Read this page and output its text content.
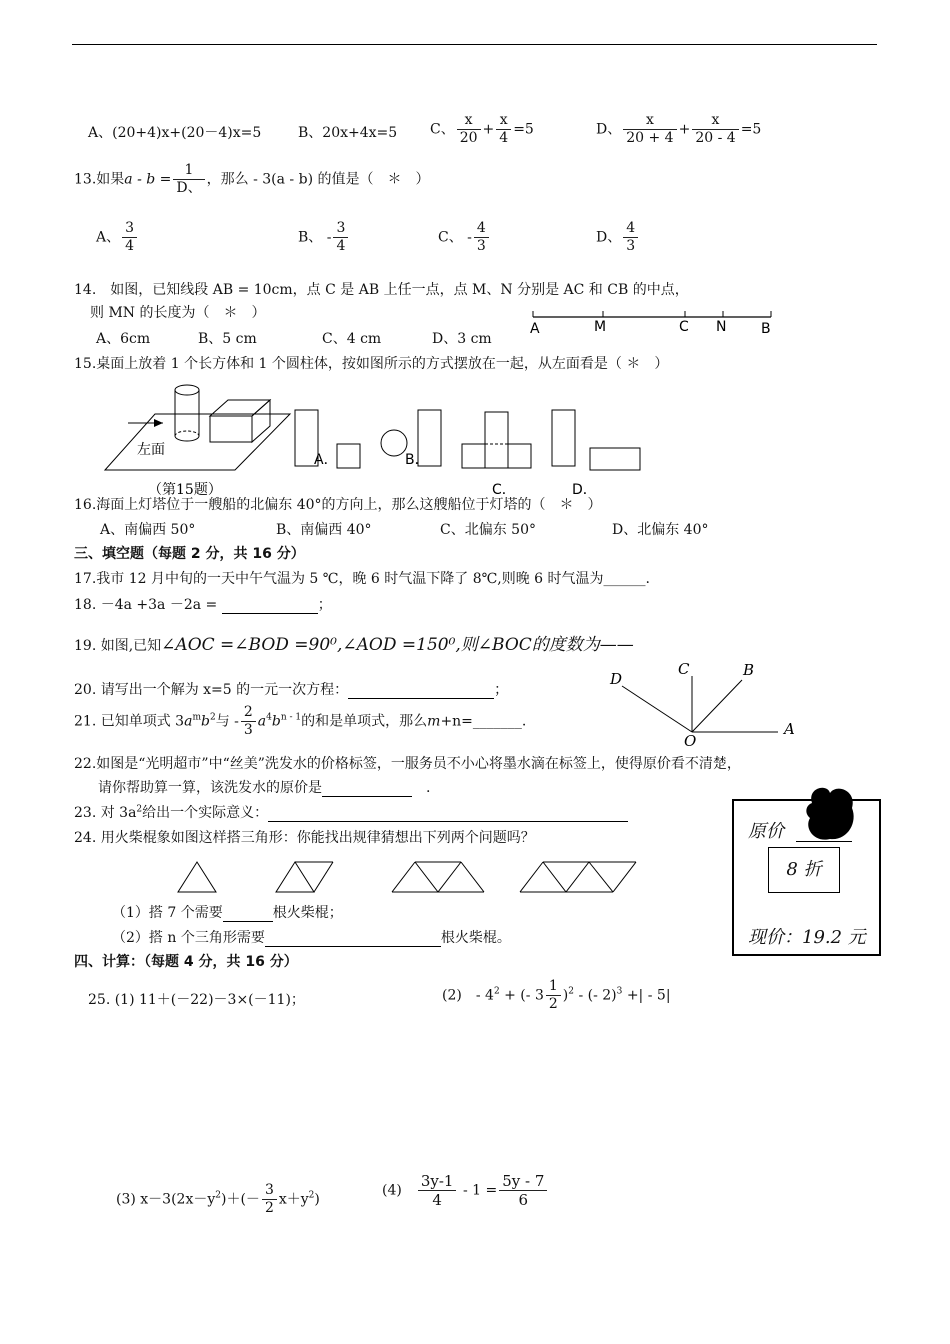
A、(20+4)x+(20－4)x=5	B、20x+4x=5 C、 $\frac{x}{20} + \frac{x}{4} =5$	D、 $\frac{x}{20 + 4} + \frac{x}{20 - 4} =5$
13.如果$a - b = \frac{1}{D、}$ ，那么 - 3(a - b) 的值是（　＊　）
A、 $\frac{3}{4}$	B、 - $\frac{3}{4}$	C、 - $\frac{4}{3}$	D、 $\frac{4}{3}$
14.　如图，已知线段 AB = 10cm，点 C 是 AB 上任一点，点 M、N 分别是 AC 和 CB 的中点，
则 MN 的长度为（　＊　）
A、6cm	B、5 cm	C、4 cm	D、3 cm
A	M	C N B
15.桌面上放着 1 个长方体和 1 个圆柱体，按如图所示的方式摆放在一起，从左面看是（ ＊　）
左面
（第15题）
A．	B．
C．	D．
16.海面上灯塔位于一艘船的北偏东 40°的方向上，那么这艘船位于灯塔的（　＊　）
A、南偏西 50°	B、南偏西 40°	C、北偏东 50°	D、北偏东 40°
三、填空题（每题 2 分，共 16 分）
17.我市 12 月中旬的一天中午气温为 5 ℃，晚 6 时气温下降了 8℃,则晚 6 时气温为______.
18. －4a +3a －2a =	；
19. 如图,已知∠AOC =∠BOD =90⁰,∠AOD =150⁰,则∠BOC的度数为——
D
C	B
A
O
20. 请写出一个解为 x=5 的一元一次方程：	；
21. 已知单项式 $3a^mb^2$与 - $\frac{2}{3} a^4b^{n - 1}$的和是单项式，那么m+n=_______.
22.如图是“光明超市”中“丝美”洗发水的价格标签，一服务员不小心将墨水滴在标签上，使得原价看不清楚，
请你帮助算一算，该洗发水的原价是　	.
23. 对 $3a^2$给出一个实际意义：
原价
8 折
现价：19.2 元
24. 用火柴棍象如图这样搭三角形：你能找出规律猜想出下列两个问题吗？
（1）搭 7 个需要	根火柴棍；
（2）搭 n 个三角形需要	根火柴棍。
四、计算：（每题 4 分，共 16 分）
25. (1) 11＋(－22)－3×(－11)；	(2)　 - $4^2$ + (- $3 \frac{1}{2} )^2$ - (- 2)$^3$ +| - 5|
(3) $x-3(2x-y^2)+(- \frac{3}{2} x+y^2)$
(4)　 $\frac{3y-1}{4} - 1 = \frac{5y - 7}{6}$
